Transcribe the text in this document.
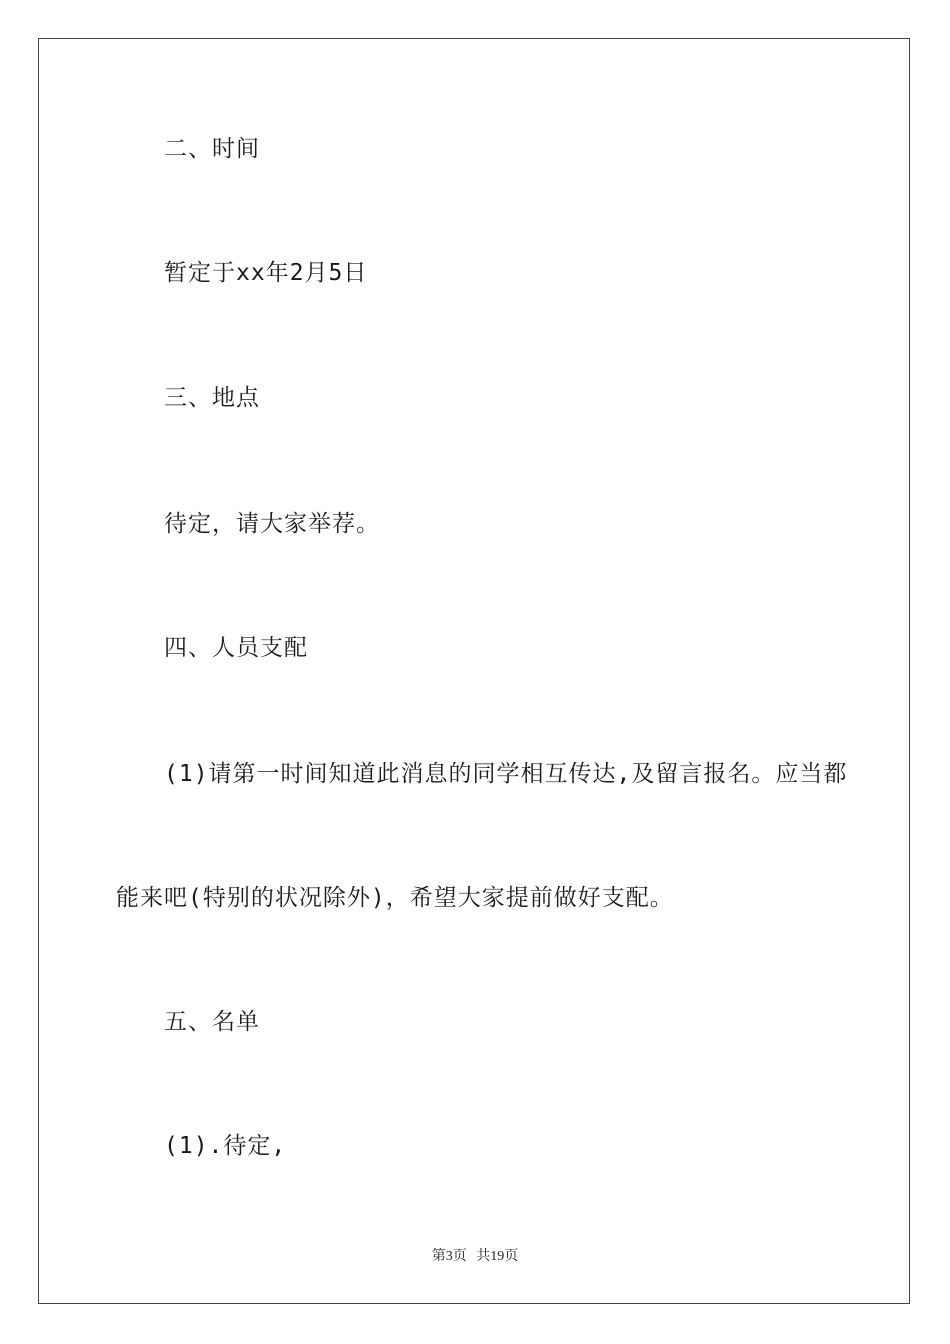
二、时间
暂定于xx年2月5日
三、地点
待定，请大家举荐。
四、人员支配
(1)请第一时间知道此消息的同学相互传达,及留言报名。应当都
能来吧(特别的状况除外)，希望大家提前做好支配。
五、名单
(1).待定,
第3页 共19页
